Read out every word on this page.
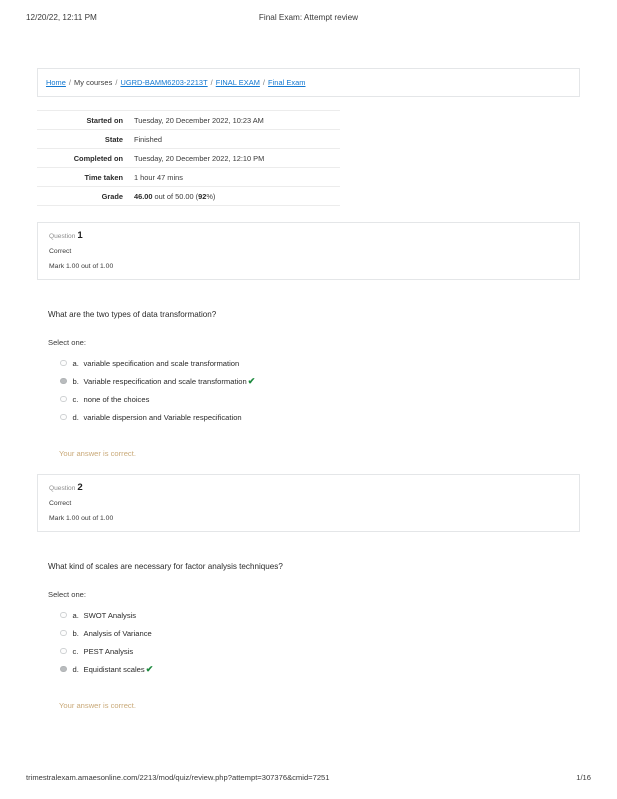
12/20/22, 12:11 PM	Final Exam: Attempt review
Home / My courses / UGRD-BAMM6203-2213T / FINAL EXAM / Final Exam
Started on	Tuesday, 20 December 2022, 10:23 AM
State	Finished
Completed on	Tuesday, 20 December 2022, 12:10 PM
Time taken	1 hour 47 mins
Grade	46.00 out of 50.00 (92%)
Question 1
Correct
Mark 1.00 out of 1.00
What are the two types of data transformation?
Select one:
a. variable specification and scale transformation
b. Variable respecification and scale transformation ✔
c. none of the choices
d. variable dispersion and Variable respecification
Your answer is correct.
Question 2
Correct
Mark 1.00 out of 1.00
What kind of scales are necessary for factor analysis techniques?
Select one:
a. SWOT Analysis
b. Analysis of Variance
c. PEST Analysis
d. Equidistant scales ✔
Your answer is correct.
trimestralexam.amaesonline.com/2213/mod/quiz/review.php?attempt=307376&cmid=7251	1/16
